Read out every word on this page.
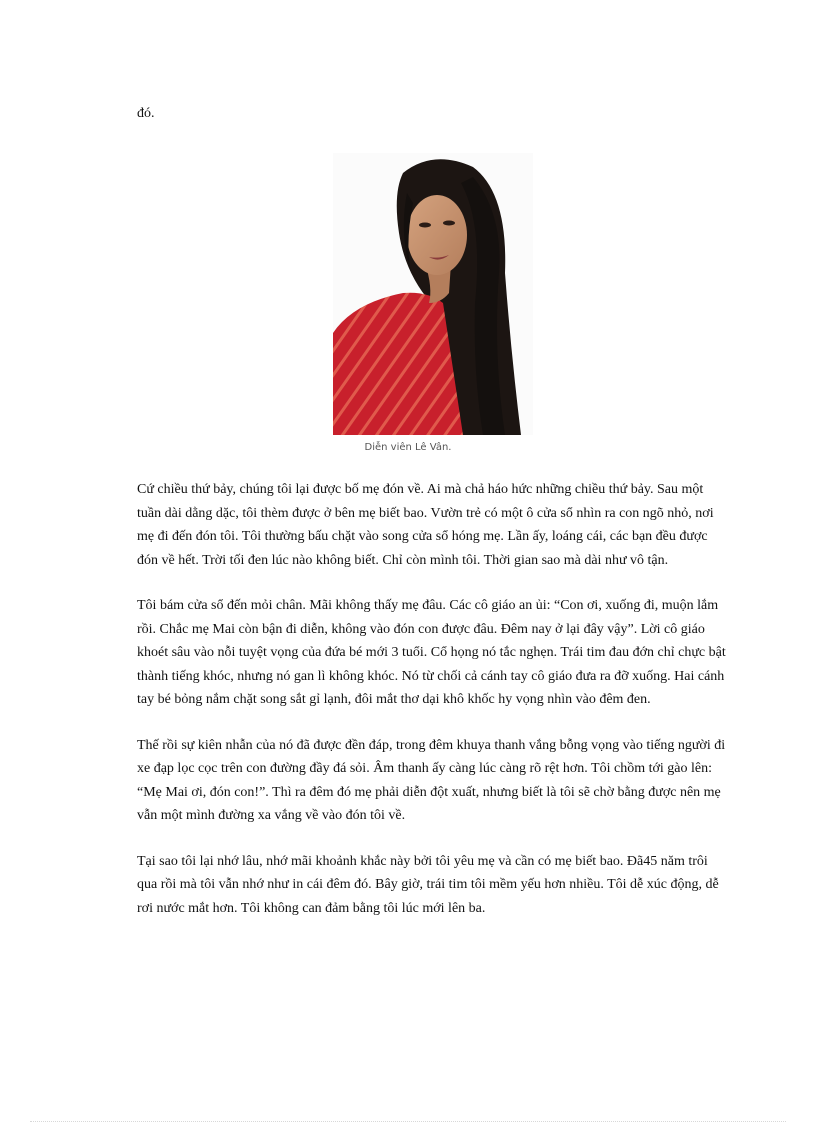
đó.

Diễn viên Lê Vân.

Cứ chiều thứ bảy, chúng tôi lại được bố mẹ đón về. Ai mà chả háo hức những chiều thứ bảy. Sau một tuần dài dằng dặc, tôi thèm được ở bên mẹ biết bao. Vườn trẻ có một ô cửa sổ nhìn ra con ngõ nhỏ, nơi mẹ đi đến đón tôi. Tôi thường bấu chặt vào song cửa sổ hóng mẹ. Lần ấy, loáng cái, các bạn đều được đón về hết. Trời tối đen lúc nào không biết. Chỉ còn mình tôi. Thời gian sao mà dài như vô tận.

Tôi bám cửa sổ đến mỏi chân. Mãi không thấy mẹ đâu. Các cô giáo an ủi: “Con ơi, xuống đi, muộn lắm rồi. Chắc mẹ Mai còn bận đi diễn, không vào đón con được đâu. Đêm nay ở lại đây vậy”. Lời cô giáo khoét sâu vào nỗi tuyệt vọng của đứa bé mới 3 tuổi. Cổ họng nó tắc nghẹn. Trái tim đau đớn chỉ chực bật thành tiếng khóc, nhưng nó gan lì không khóc. Nó từ chối cả cánh tay cô giáo đưa ra đỡ xuống. Hai cánh tay bé bỏng nắm chặt song sắt gỉ lạnh, đôi mắt thơ dại khô khốc hy vọng nhìn vào đêm đen.

Thế rồi sự kiên nhẫn của nó đã được đền đáp, trong đêm khuya thanh vắng bỗng vọng vào tiếng người đi xe đạp lọc cọc trên con đường đầy đá sỏi. Âm thanh ấy càng lúc càng rõ rệt hơn. Tôi chồm tới gào lên: “Mẹ Mai ơi, đón con!”. Thì ra đêm đó mẹ phải diễn đột xuất, nhưng biết là tôi sẽ chờ bằng được nên mẹ vẫn một mình đường xa vắng về vào đón tôi về.

Tại sao tôi lại nhớ lâu, nhớ mãi khoảnh khắc này bởi tôi yêu mẹ và cần có mẹ biết bao. Đã45 năm trôi qua rồi mà tôi vẫn nhớ như in cái đêm đó. Bây giờ, trái tim tôi mềm yếu hơn nhiều. Tôi dễ xúc động, dễ rơi nước mắt hơn. Tôi không can đảm bằng tôi lúc mới lên ba.
